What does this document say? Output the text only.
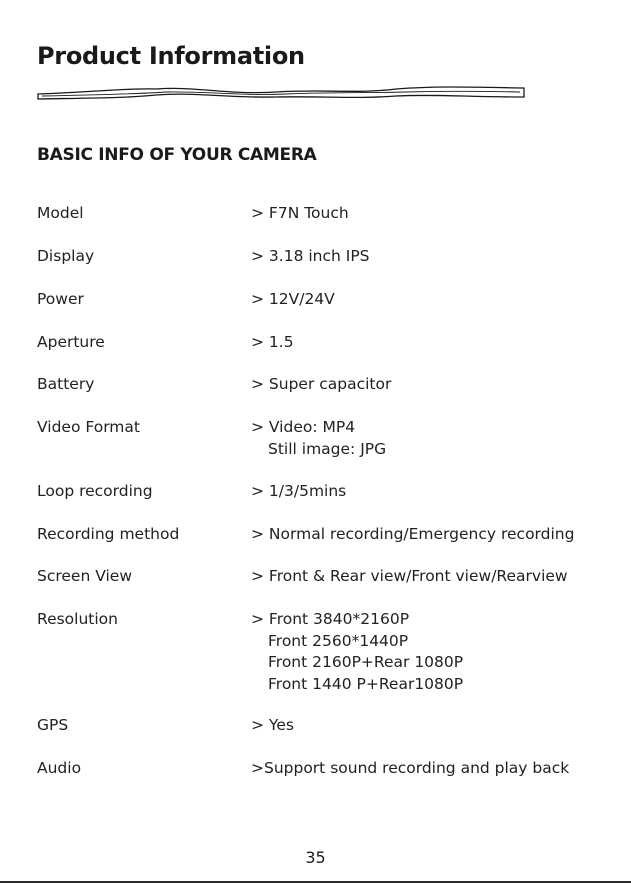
Product Information
BASIC INFO OF YOUR CAMERA
Model	> F7N Touch
Display	> 3.18 inch IPS
Power	> 12V/24V
Aperture	> 1.5
Battery	> Super capacitor
Video Format	> Video: MP4
Still image: JPG
Loop recording	> 1/3/5mins
Recording method	> Normal recording/Emergency recording
Screen View	> Front & Rear view/Front view/Rearview
Resolution	> Front 3840*2160P
Front 2560*1440P
Front 2160P+Rear 1080P
Front 1440 P+Rear1080P
GPS	> Yes
Audio	>Support sound recording and play back
35
